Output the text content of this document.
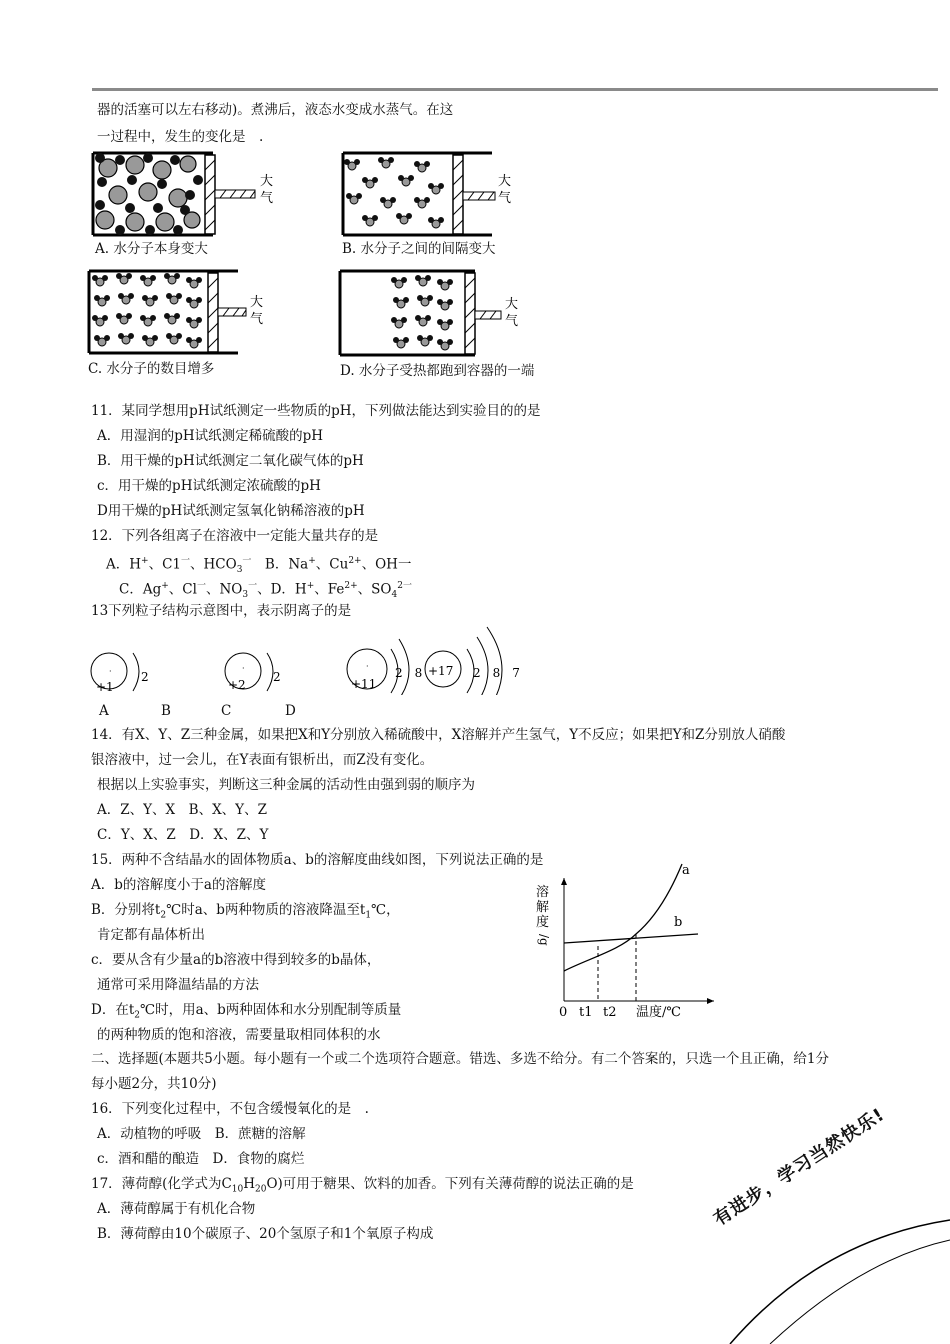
器的活塞可以左右移动)。煮沸后，液态水变成水蒸气。在这
一过程中，发生的变化是　.
大
气
A. 水分子本身变大
大
气
B. 水分子之间的间隔变大
大
气
C. 水分子的数目增多
大
气
D. 水分子受热都跑到容器的一端
11．某同学想用pH试纸测定一些物质的pH，下列做法能达到实验目的的是
A．用湿润的pH试纸测定稀硫酸的pH
B．用干燥的pH试纸测定二氧化碳气体的pH
c．用干燥的pH试纸测定浓硫酸的pH
D用干燥的pH试纸测定氢氧化钠稀溶液的pH
12．下列各组离子在溶液中一定能大量共存的是
A．H+、$C1^一$、$HCO_3^一$　B．Na+、$Cu^{2+}$、OH一
C．Ag+、$Cl^一$、$NO_3^一$、D．H+、$Fe^{2+}$、$SO_4^{2一}$
13下列粒子结构示意图中，表示阴离子的是
+1
· 2
+2
·
2	+11
· 2　8 +17 2　8　7
A	B	C	D
14．有X、Y、Z三种金属，如果把X和Y分别放入稀硫酸中，X溶解并产生氢气，Y不反应；如果把Y和Z分别放人硝酸
银溶液中，过一会儿，在Y表面有银析出，而Z没有变化。
根据以上实验事实，判断这三种金属的活动性由强到弱的顺序为
A．Z、Y、X　B、X、Y、Z
C．Y、X、Z　D．X、Z、Y
15．两种不含结晶水的固体物质a、b的溶解度曲线如图，下列说法正确的是
A．b的溶解度小于a的溶解度
B．分别将$t_2℃$时a、b两种物质的溶液降温至$t_1℃$，
肯定都有晶体析出
c．要从含有少量a的b溶液中得到较多的b晶体，
通常可采用降温结晶的方法
D．在$t_2℃$时，用a、b两种固体和水分别配制等质量
的两种物质的饱和溶液，需要量取相同体积的水
溶
解
度
/g
a
b
0 t1 t2 温度/℃
二、选择题(本题共5小题。每小题有一个或二个选项符合题意。错选、多选不给分。有二个答案的，只选一个且正确，给1分
每小题2分，共10分)
16．下列变化过程中，不包含缓慢氧化的是　.
A．动植物的呼吸　B．蔗糖的溶解
c．酒和醋的酿造　D．食物的腐烂
17．薄荷醇(化学式为$C_{10}H_{20}O$)可用于糖果、饮料的加香。下列有关薄荷醇的说法正确的是
A．薄荷醇属于有机化合物
B．薄荷醇由10个碳原子、20个氢原子和1个氧原子构成
有进步，学习当然快乐!
